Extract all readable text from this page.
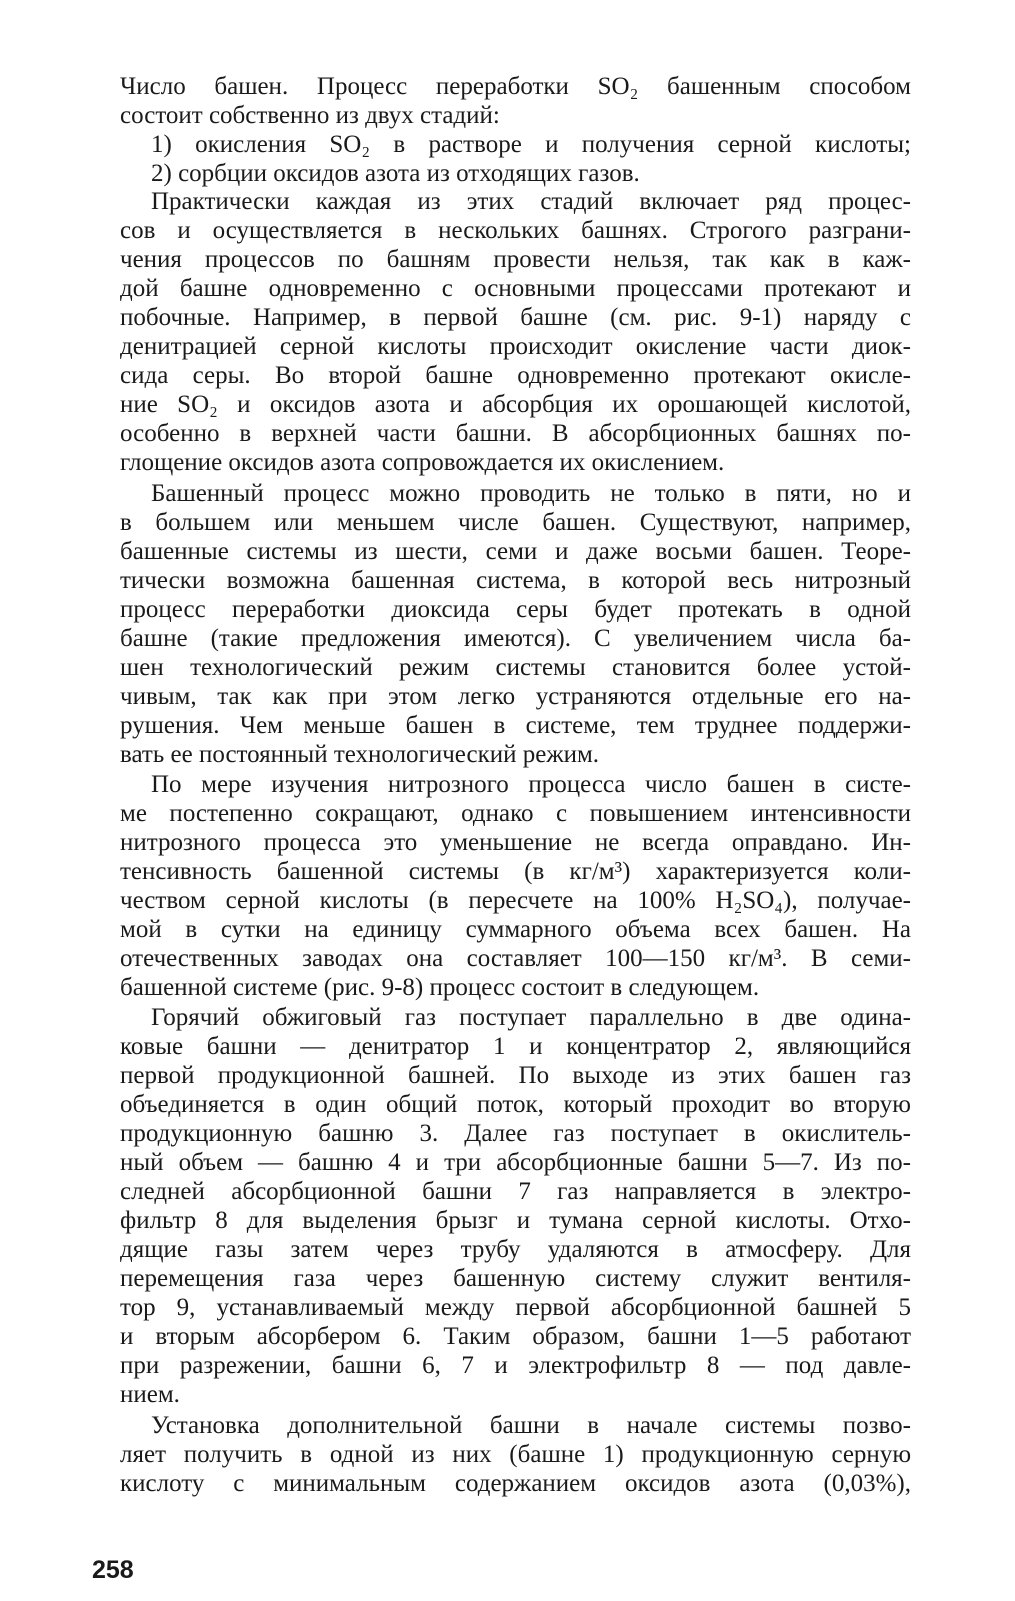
Число башен. Процесс переработки SO₂ башенным способом
состоит собственно из двух стадий:
1) окисления SO₂ в растворе и получения серной кислоты;
2) сорбции оксидов азота из отходящих газов.
Практически каждая из этих стадий включает ряд процес-
сов и осуществляется в нескольких башнях. Строгого разграни-
чения процессов по башням провести нельзя, так как в каж-
дой башне одновременно с основными процессами протекают и
побочные. Например, в первой башне (см. рис. 9-1) наряду с
денитрацией серной кислоты происходит окисление части диок-
сида серы. Во второй башне одновременно протекают окисле-
ние SO₂ и оксидов азота и абсорбция их орошающей кислотой,
особенно в верхней части башни. В абсорбционных башнях по-
глощение оксидов азота сопровождается их окислением.
Башенный процесс можно проводить не только в пяти, но и
в большем или меньшем числе башен. Существуют, например,
башенные системы из шести, семи и даже восьми башен. Теоре-
тически возможна башенная система, в которой весь нитрозный
процесс переработки диоксида серы будет протекать в одной
башне (такие предложения имеются). С увеличением числа ба-
шен технологический режим системы становится более устой-
чивым, так как при этом легко устраняются отдельные его на-
рушения. Чем меньше башен в системе, тем труднее поддержи-
вать ее постоянный технологический режим.
По мере изучения нитрозного процесса число башен в систе-
ме постепенно сокращают, однако с повышением интенсивности
нитрозного процесса это уменьшение не всегда оправдано. Ин-
тенсивность башенной системы (в кг/м³) характеризуется коли-
чеством серной кислоты (в пересчете на 100% H₂SO₄), получае-
мой в сутки на единицу суммарного объема всех башен. На
отечественных заводах она составляет 100—150 кг/м³. В семи-
башенной системе (рис. 9-8) процесс состоит в следующем.
Горячий обжиговый газ поступает параллельно в две одина-
ковые башни — денитратор 1 и концентратор 2, являющийся
первой продукционной башней. По выходе из этих башен газ
объединяется в один общий поток, который проходит во вторую
продукционную башню 3. Далее газ поступает в окислитель-
ный объем — башню 4 и три абсорбционные башни 5—7. Из по-
следней абсорбционной башни 7 газ направляется в электро-
фильтр 8 для выделения брызг и тумана серной кислоты. Отхо-
дящие газы затем через трубу удаляются в атмосферу. Для
перемещения газа через башенную систему служит вентиля-
тор 9, устанавливаемый между первой абсорбционной башней 5
и вторым абсорбером 6. Таким образом, башни 1—5 работают
при разрежении, башни 6, 7 и электрофильтр 8 — под давле-
нием.
Установка дополнительной башни в начале системы позво-
ляет получить в одной из них (башне 1) продукционную серную
кислоту с минимальным содержанием оксидов азота (0,03%),
258
